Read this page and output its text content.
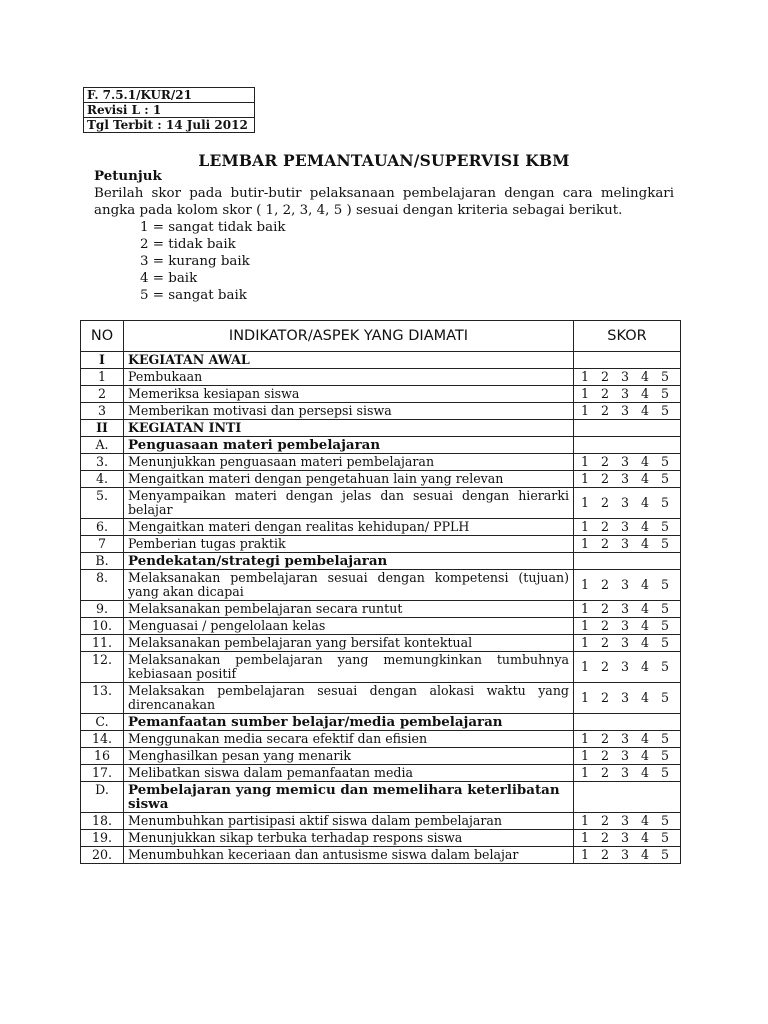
F. 7.5.1/KUR/21
Revisi L : 1
Tgl Terbit : 14 Juli 2012
LEMBAR PEMANTAUAN/SUPERVISI KBM
Petunjuk
Berilah skor pada butir-butir pelaksanaan pembelajaran dengan cara melingkari angka pada kolom skor ( 1, 2, 3, 4, 5 ) sesuai dengan kriteria sebagai berikut.
1 = sangat tidak baik
2 = tidak baik
3 = kurang baik
4 = baik
5 = sangat baik
NO	INDIKATOR/ASPEK YANG DIAMATI	SKOR
I	KEGIATAN AWAL	
1	Pembukaan	1 2 3 4 5
2	Memeriksa kesiapan siswa	1 2 3 4 5
3	Memberikan motivasi dan persepsi siswa	1 2 3 4 5
II	KEGIATAN INTI	
A.	Penguasaan materi pembelajaran	
3.	Menunjukkan penguasaan materi pembelajaran	1 2 3 4 5
4.	Mengaitkan materi dengan pengetahuan lain yang relevan	1 2 3 4 5
5.	Menyampaikan materi dengan jelas dan sesuai dengan hierarki belajar	1 2 3 4 5
6.	Mengaitkan materi dengan realitas kehidupan/ PPLH	1 2 3 4 5
7	Pemberian tugas praktik	1 2 3 4 5
B.	Pendekatan/strategi pembelajaran	
8.	Melaksanakan pembelajaran sesuai dengan kompetensi (tujuan) yang akan dicapai	1 2 3 4 5
9.	Melaksanakan pembelajaran secara runtut	1 2 3 4 5
10.	Menguasai / pengelolaan kelas	1 2 3 4 5
11.	Melaksanakan pembelajaran yang bersifat kontektual	1 2 3 4 5
12.	Melaksanakan pembelajaran yang memungkinkan tumbuhnya kebiasaan positif	1 2 3 4 5
13.	Melaksakan pembelajaran sesuai dengan alokasi waktu yang direncanakan	1 2 3 4 5
C.	Pemanfaatan sumber belajar/media pembelajaran	
14.	Menggunakan media secara efektif dan efisien	1 2 3 4 5
16	Menghasilkan pesan yang menarik	1 2 3 4 5
17.	Melibatkan siswa dalam pemanfaatan media	1 2 3 4 5
D.	Pembelajaran yang memicu dan memelihara keterlibatan siswa	
18.	Menumbuhkan partisipasi aktif siswa dalam pembelajaran	1 2 3 4 5
19.	Menunjukkan sikap terbuka terhadap respons siswa	1 2 3 4 5
20.	Menumbuhkan keceriaan dan antusisme siswa dalam belajar	1 2 3 4 5
